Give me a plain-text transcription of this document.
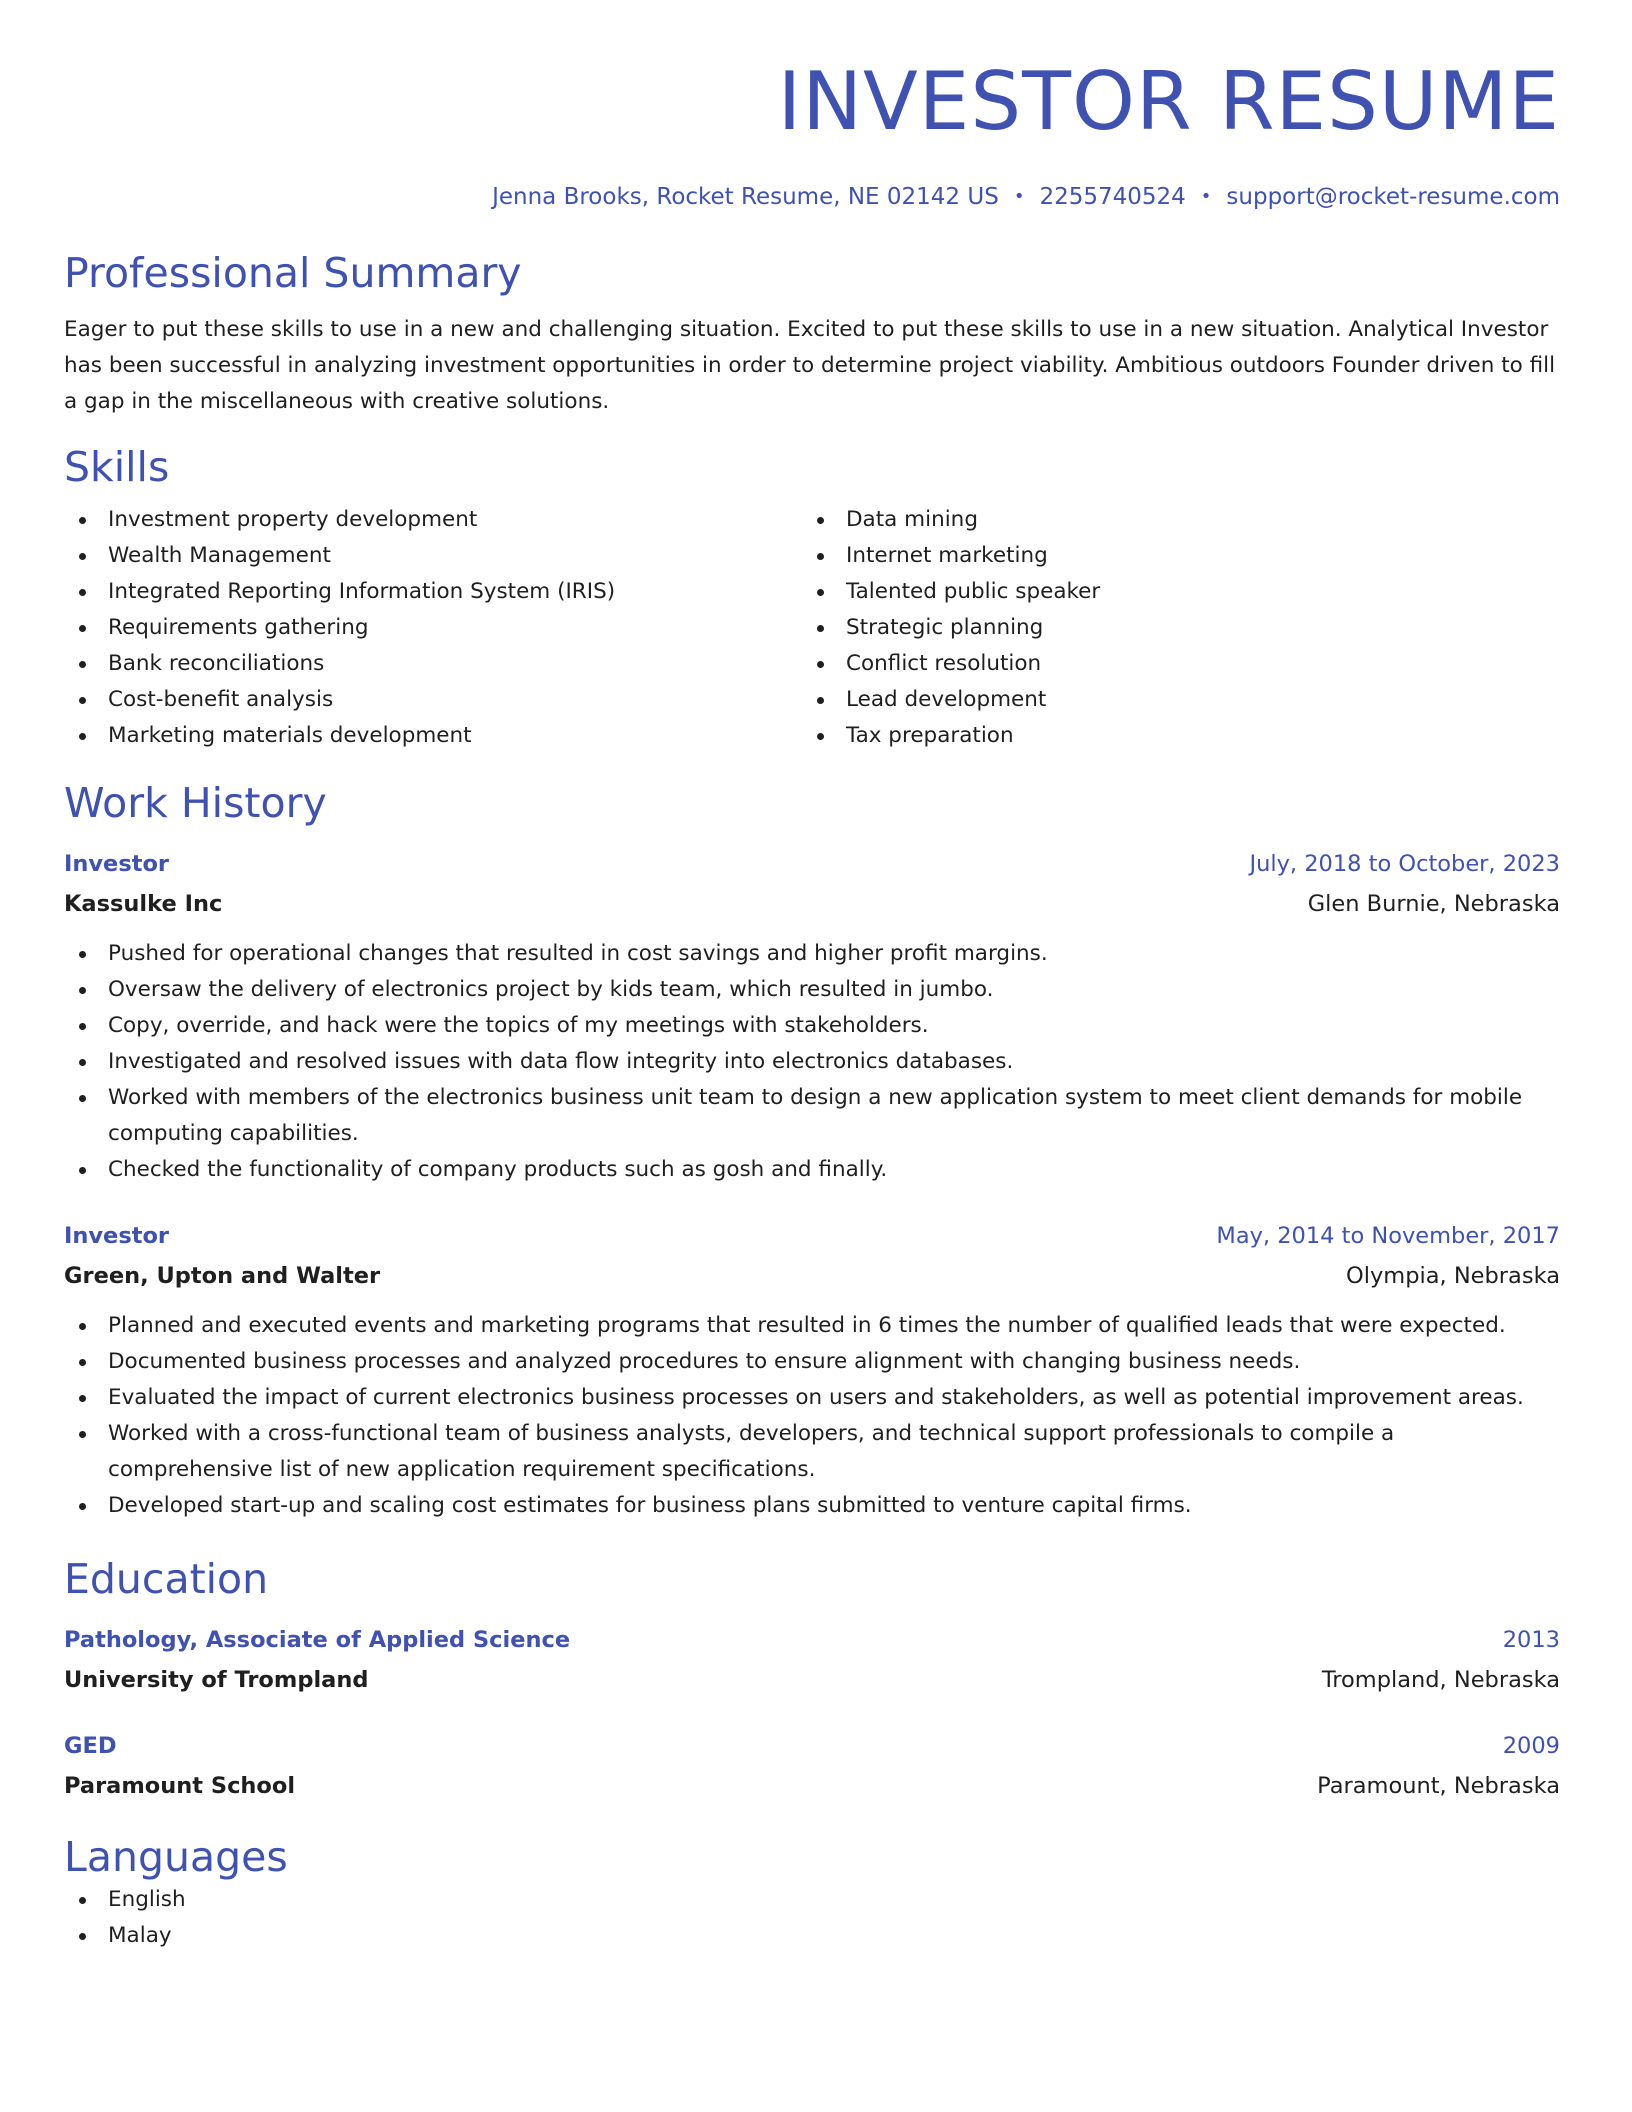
INVESTOR RESUME
Jenna Brooks, Rocket Resume, NE 02142 US • 2255740524 • support@rocket-resume.com
Professional Summary
Eager to put these skills to use in a new and challenging situation. Excited to put these skills to use in a new situation. Analytical Investor has been successful in analyzing investment opportunities in order to determine project viability. Ambitious outdoors Founder driven to fill a gap in the miscellaneous with creative solutions.
Skills
Investment property development
Wealth Management
Integrated Reporting Information System (IRIS)
Requirements gathering
Bank reconciliations
Cost-benefit analysis
Marketing materials development
Data mining
Internet marketing
Talented public speaker
Strategic planning
Conflict resolution
Lead development
Tax preparation
Work History
Investor	July, 2018 to October, 2023
Kassulke Inc	Glen Burnie, Nebraska
Pushed for operational changes that resulted in cost savings and higher profit margins.
Oversaw the delivery of electronics project by kids team, which resulted in jumbo.
Copy, override, and hack were the topics of my meetings with stakeholders.
Investigated and resolved issues with data flow integrity into electronics databases.
Worked with members of the electronics business unit team to design a new application system to meet client demands for mobile computing capabilities.
Checked the functionality of company products such as gosh and finally.
Investor	May, 2014 to November, 2017
Green, Upton and Walter	Olympia, Nebraska
Planned and executed events and marketing programs that resulted in 6 times the number of qualified leads that were expected.
Documented business processes and analyzed procedures to ensure alignment with changing business needs.
Evaluated the impact of current electronics business processes on users and stakeholders, as well as potential improvement areas.
Worked with a cross-functional team of business analysts, developers, and technical support professionals to compile a comprehensive list of new application requirement specifications.
Developed start-up and scaling cost estimates for business plans submitted to venture capital firms.
Education
Pathology, Associate of Applied Science	2013
University of Trompland	Trompland, Nebraska
GED	2009
Paramount School	Paramount, Nebraska
Languages
English
Malay
